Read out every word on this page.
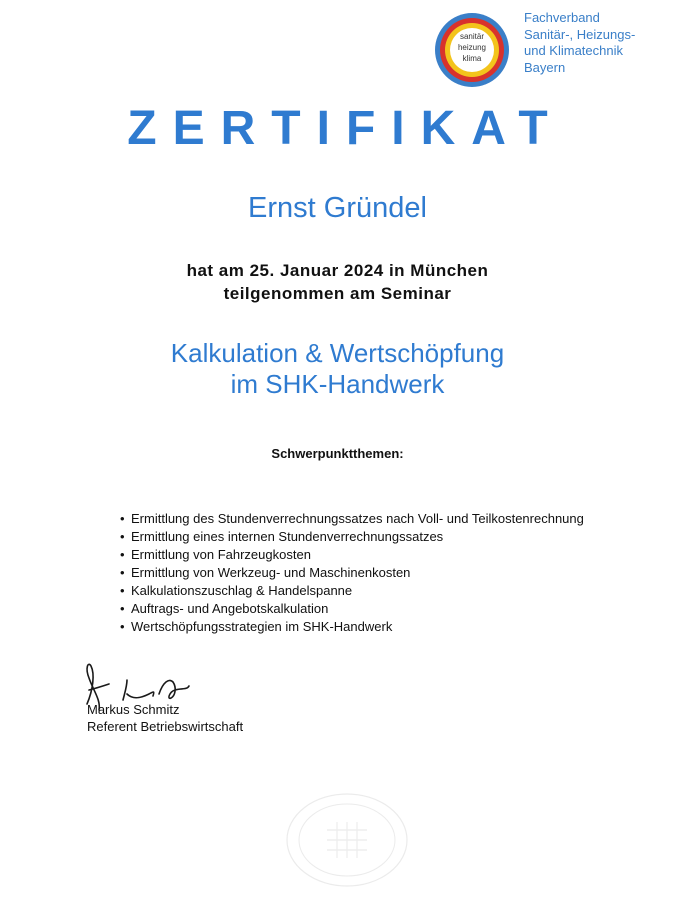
sanitär
heizung
klima
Fachverband
Sanitär-, Heizungs-
und Klimatechnik
Bayern
ZERTIFIKAT
Ernst Gründel
hat am 25. Januar 2024 in München
teilgenommen am Seminar
Kalkulation & Wertschöpfung
im SHK-Handwerk
Schwerpunktthemen:
• Ermittlung des Stundenverrechnungssatzes nach Voll- und Teilkostenrechnung
• Ermittlung eines internen Stundenverrechnungssatzes
• Ermittlung von Fahrzeugkosten
• Ermittlung von Werkzeug- und Maschinenkosten
• Kalkulationszuschlag & Handelspanne
• Auftrags- und Angebotskalkulation
• Wertschöpfungsstrategien im SHK-Handwerk
Markus Schmitz
Referent Betriebswirtschaft
